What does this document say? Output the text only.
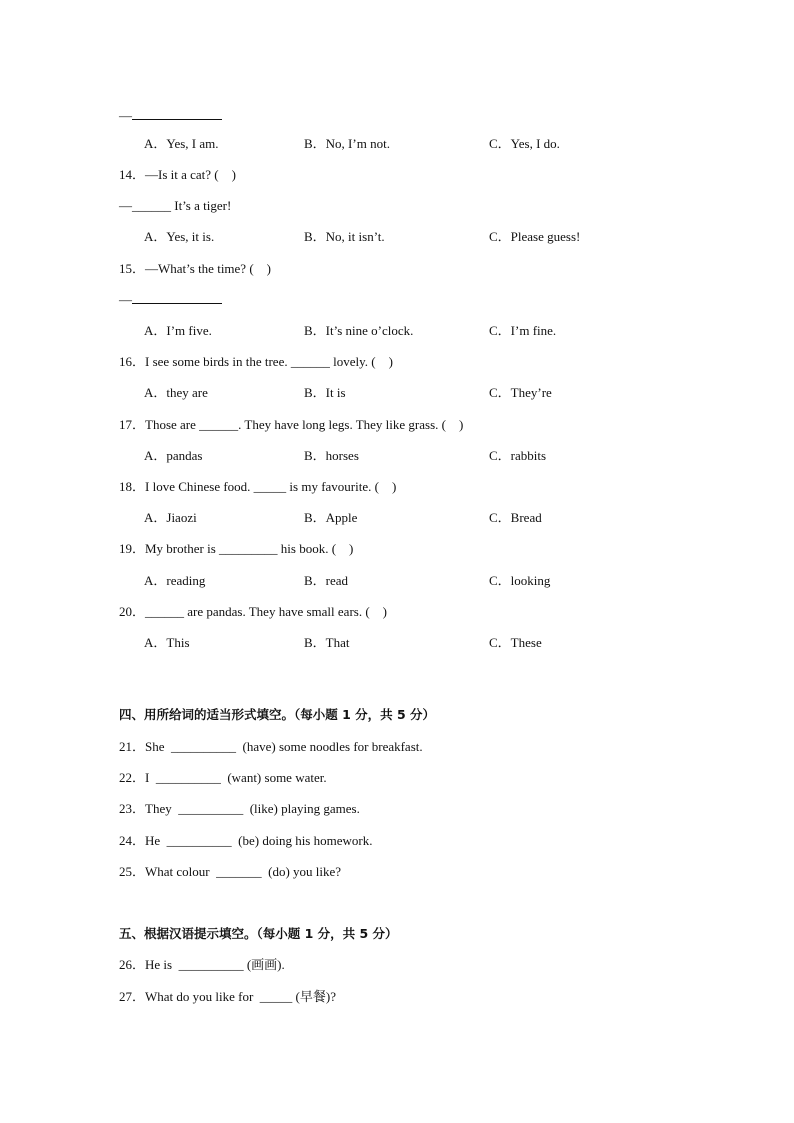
—
A．Yes, I am.	B．No, I’m not.	C．Yes, I do.
14．—Is it a cat? (　)
—______ It’s a tiger!
A．Yes, it is.	B．No, it isn’t.	C．Please guess!
15．—What’s the time? (　)
—
A．I’m five.	B．It’s nine o’clock.	C．I’m fine.
16．I see some birds in the tree. ______ lovely. (　)
A．they are	B．It is	C．They’re
17．Those are ______. They have long legs. They like grass. (　)
A．pandas	B．horses	C．rabbits
18．I love Chinese food. _____ is my favourite. (　)
A．Jiaozi	B．Apple	C．Bread
19．My brother is _________ his book. (　)
A．reading	B．read	C．looking
20．______ are pandas. They have small ears. (　)
A．This	B．That	C．These
四、用所给词的适当形式填空。（每小题 1 分，共 5 分）
21．She  __________  (have) some noodles for breakfast.
22．I  __________  (want) some water.
23．They  __________  (like) playing games.
24．He  __________  (be) doing his homework.
25．What colour  _______  (do) you like?
五、根据汉语提示填空。（每小题 1 分，共 5 分）
26．He is  __________ (画画).
27．What do you like for  _____ (早餐)?
